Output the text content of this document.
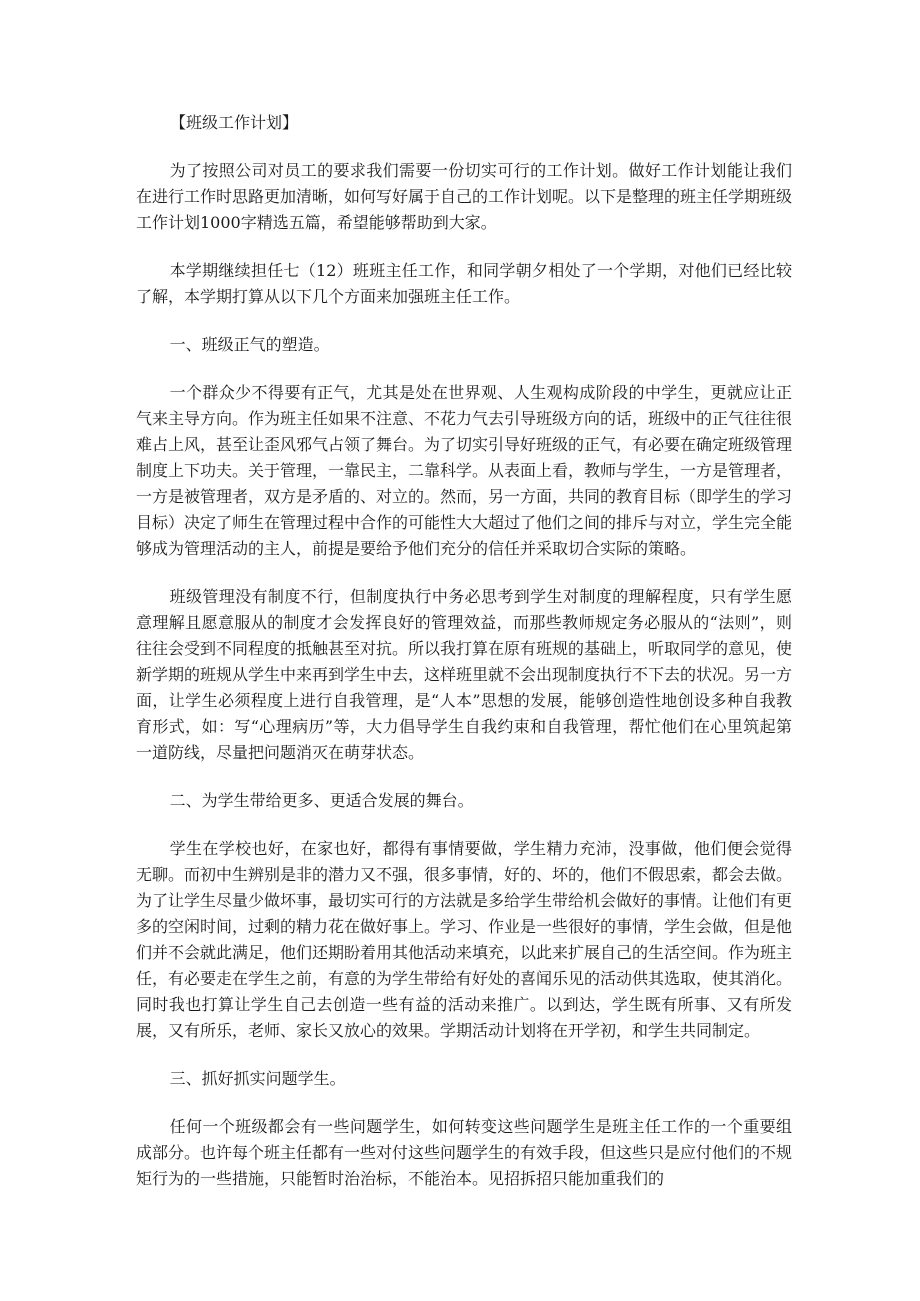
【班级工作计划】

为了按照公司对员工的要求我们需要一份切实可行的工作计划。做好工作计划能让我们在进行工作时思路更加清晰，如何写好属于自己的工作计划呢。以下是整理的班主任学期班级工作计划1000字精选五篇，希望能够帮助到大家。

本学期继续担任七（12）班班主任工作，和同学朝夕相处了一个学期，对他们已经比较了解，本学期打算从以下几个方面来加强班主任工作。

一、班级正气的塑造。

一个群众少不得要有正气，尤其是处在世界观、人生观构成阶段的中学生，更就应让正气来主导方向。作为班主任如果不注意、不花力气去引导班级方向的话，班级中的正气往往很难占上风，甚至让歪风邪气占领了舞台。为了切实引导好班级的正气，有必要在确定班级管理制度上下功夫。关于管理，一靠民主，二靠科学。从表面上看，教师与学生，一方是管理者，一方是被管理者，双方是矛盾的、对立的。然而，另一方面，共同的教育目标（即学生的学习目标）决定了师生在管理过程中合作的可能性大大超过了他们之间的排斥与对立，学生完全能够成为管理活动的主人，前提是要给予他们充分的信任并采取切合实际的策略。

班级管理没有制度不行，但制度执行中务必思考到学生对制度的理解程度，只有学生愿意理解且愿意服从的制度才会发挥良好的管理效益，而那些教师规定务必服从的“法则”，则往往会受到不同程度的抵触甚至对抗。所以我打算在原有班规的基础上，听取同学的意见，使新学期的班规从学生中来再到学生中去，这样班里就不会出现制度执行不下去的状况。另一方面，让学生必须程度上进行自我管理，是“人本”思想的发展，能够创造性地创设多种自我教育形式，如：写“心理病历”等，大力倡导学生自我约束和自我管理，帮忙他们在心里筑起第一道防线，尽量把问题消灭在萌芽状态。

二、为学生带给更多、更适合发展的舞台。

学生在学校也好，在家也好，都得有事情要做，学生精力充沛，没事做，他们便会觉得无聊。而初中生辨别是非的潜力又不强，很多事情，好的、坏的，他们不假思索，都会去做。为了让学生尽量少做坏事，最切实可行的方法就是多给学生带给机会做好的事情。让他们有更多的空闲时间，过剩的精力花在做好事上。学习、作业是一些很好的事情，学生会做，但是他们并不会就此满足，他们还期盼着用其他活动来填充，以此来扩展自己的生活空间。作为班主任，有必要走在学生之前，有意的为学生带给有好处的喜闻乐见的活动供其选取，使其消化。同时我也打算让学生自己去创造一些有益的活动来推广。以到达，学生既有所事、又有所发展，又有所乐，老师、家长又放心的效果。学期活动计划将在开学初，和学生共同制定。

三、抓好抓实问题学生。

任何一个班级都会有一些问题学生，如何转变这些问题学生是班主任工作的一个重要组成部分。也许每个班主任都有一些对付这些问题学生的有效手段，但这些只是应付他们的不规矩行为的一些措施，只能暂时治治标，不能治本。见招拆招只能加重我们的
